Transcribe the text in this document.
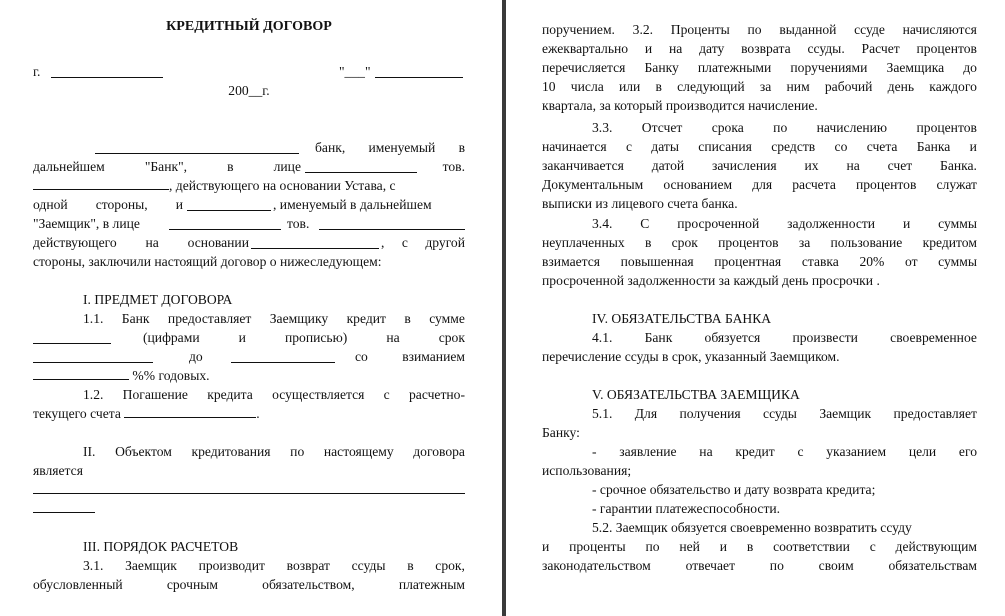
КРЕДИТНЫЙ ДОГОВОР
г.	"___"
200__г.
банк, именуемый в
дальнейшем	"Банк",	в	лице	тов.
, действующего на основании Устава, с
одной стороны, и	, именуемый в дальнейшем
"Заемщик", в лице	тов.
действующего на основании	, с другой
стороны, заключили настоящий договор о нижеследующем:
I. ПРЕДМЕТ ДОГОВОРА
1.1. Банк предоставляет Заемщику кредит в сумме
(цифрами	и	прописью)	на	срок
до	со	взиманием
%% годовых.
1.2. Погашение кредита осуществляется с расчетно-
текущего счета	.
II. Объектом кредитования по настоящему договора
является
III. ПОРЯДОК РАСЧЕТОВ
3.1. Заемщик производит возврат ссуды в срок,
обусловленный	срочным	обязательством,	платежным
поручением. 3.2. Проценты по выданной ссуде начисляются
ежеквартально и на дату возврата ссуды. Расчет процентов
перечисляется Банку платежными поручениями Заемщика до
10 числа или в следующий за ним рабочий день каждого
квартала, за который производится начисление.
3.3. Отсчет срока по начислению процентов
начинается с даты списания средств со счета Банка и
заканчивается датой зачисления их на счет Банка.
Документальным основанием для расчета процентов служат
выписки из лицевого счета банка.
3.4. С просроченной задолженности и суммы
неуплаченных в срок процентов за пользование кредитом
взимается повышенная процентная ставка 20% от суммы
просроченной задолженности за каждый день просрочки .
IV. ОБЯЗАТЕЛЬСТВА БАНКА
4.1. Банк обязуется произвести своевременное
перечисление ссуды в срок, указанный Заемщиком.
V. ОБЯЗАТЕЛЬСТВА ЗАЕМЩИКА
5.1. Для получения ссуды Заемщик предоставляет
Банку:
- заявление на кредит с указанием цели его
использования;
- срочное обязательство и дату возврата кредита;
- гарантии платежеспособности.
5.2. Заемщик обязуется своевременно возвратить ссуду
и проценты по ней и в соответствии с действующим
законодательством	отвечает	по	своим	обязательствам
